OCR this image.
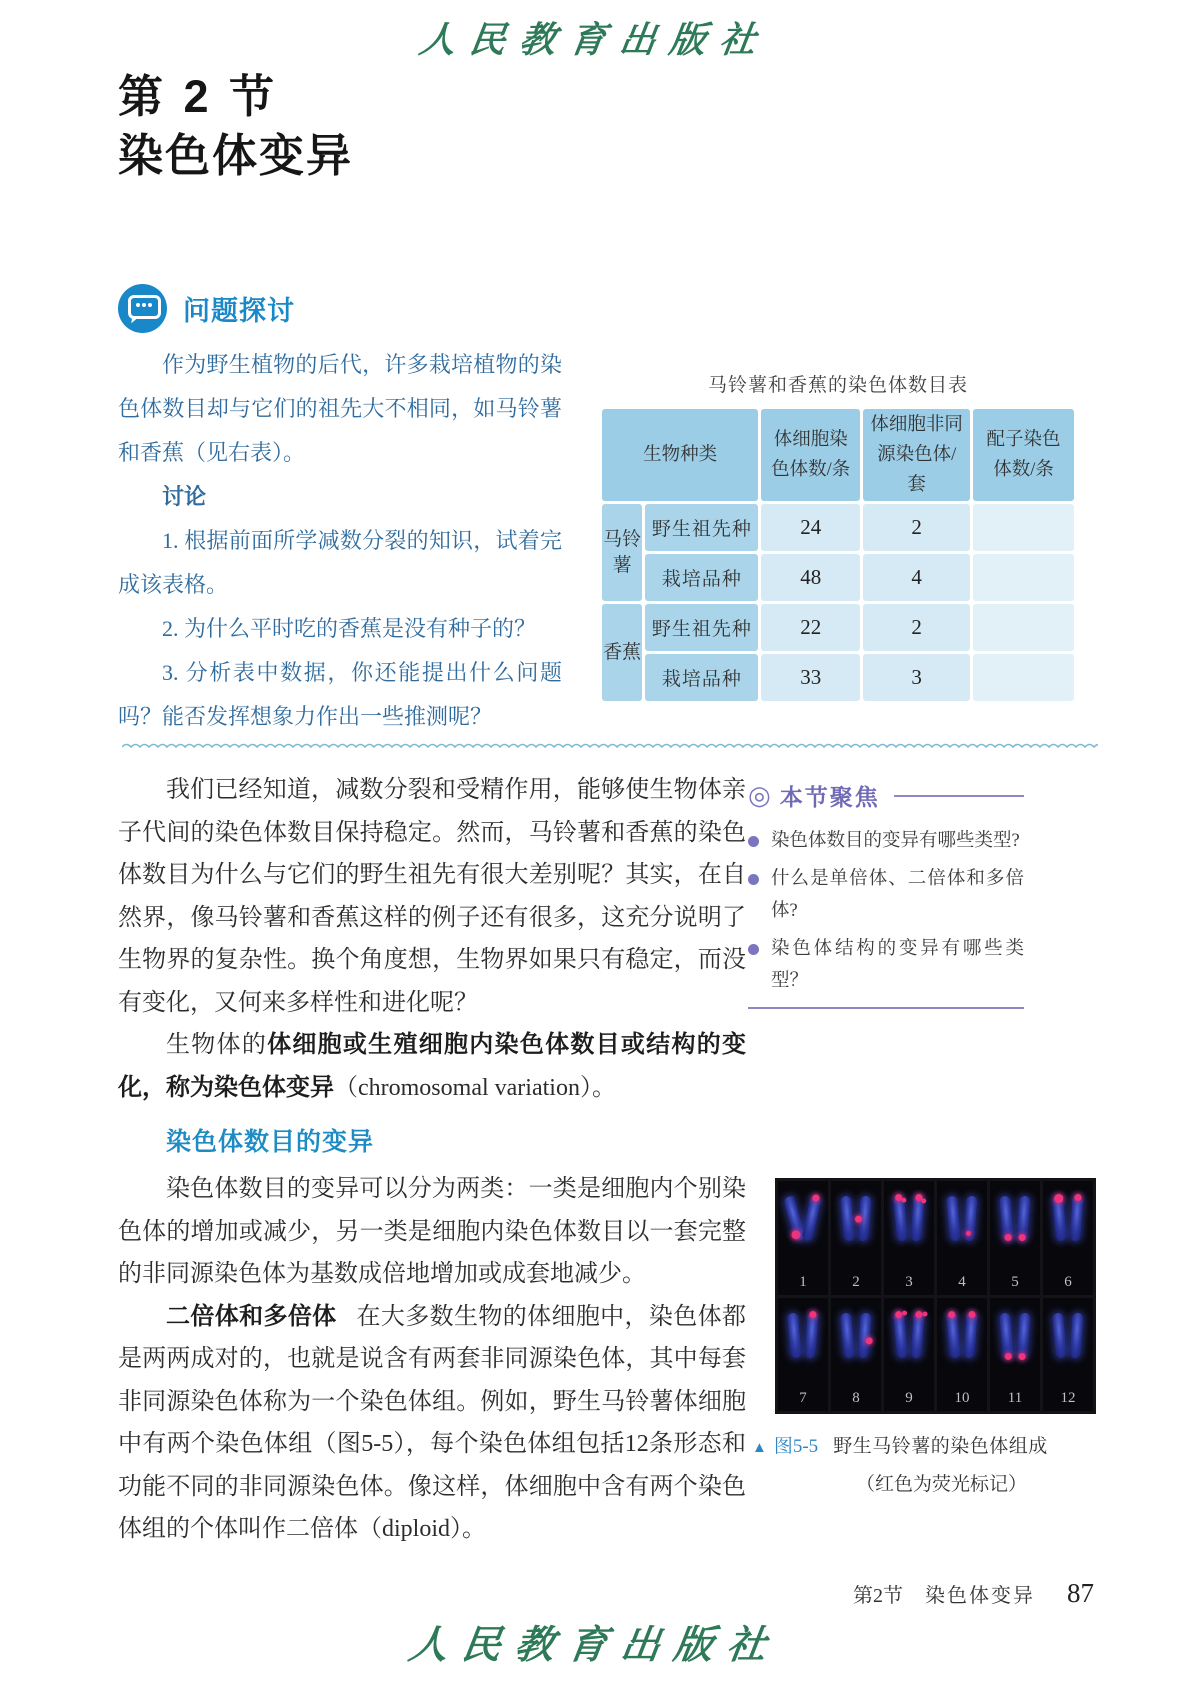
人民教育出版社
第 2 节
染色体变异
问题探讨

作为野生植物的后代，许多栽培植物的染色体数目却与它们的祖先大不相同，如马铃薯和香蕉（见右表）。

讨论

1. 根据前面所学减数分裂的知识，试着完成该表格。

2. 为什么平时吃的香蕉是没有种子的？

3. 分析表中数据，你还能提出什么问题吗？能否发挥想象力作出一些推测呢？

马铃薯和香蕉的染色体数目表
生物种类		体细胞染色体数/条	体细胞非同源染色体/套	配子染色体数/条
马铃薯	野生祖先种	24	2	
	栽培品种	48	4	
香蕉	野生祖先种	22	2	
	栽培品种	33	3	

我们已经知道，减数分裂和受精作用，能够使生物体亲子代间的染色体数目保持稳定。然而，马铃薯和香蕉的染色体数目为什么与它们的野生祖先有很大差别呢？其实，在自然界，像马铃薯和香蕉这样的例子还有很多，这充分说明了生物界的复杂性。换个角度想，生物界如果只有稳定，而没有变化，又何来多样性和进化呢？

生物体的体细胞或生殖细胞内染色体数目或结构的变化，称为染色体变异（chromosomal variation）。

染色体数目的变异

染色体数目的变异可以分为两类：一类是细胞内个别染色体的增加或减少，另一类是细胞内染色体数目以一套完整的非同源染色体为基数成倍地增加或成套地减少。

二倍体和多倍体 在大多数生物的体细胞中，染色体都是两两成对的，也就是说含有两套非同源染色体，其中每套非同源染色体称为一个染色体组。例如，野生马铃薯体细胞中有两个染色体组（图5-5），每个染色体组包括12条形态和功能不同的非同源染色体。像这样，体细胞中含有两个染色体组的个体叫作二倍体（diploid）。

◎ 本节聚焦
染色体数目的变异有哪些类型?
什么是单倍体、二倍体和多倍体?
染色体结构的变异有哪些类型？
1	2	3	4	5	6
7	8	9	10	11	12
▲ 图5-5 野生马铃薯的染色体组成
（红色为荧光标记）
第2节 染色体变异 87
人民教育出版社
